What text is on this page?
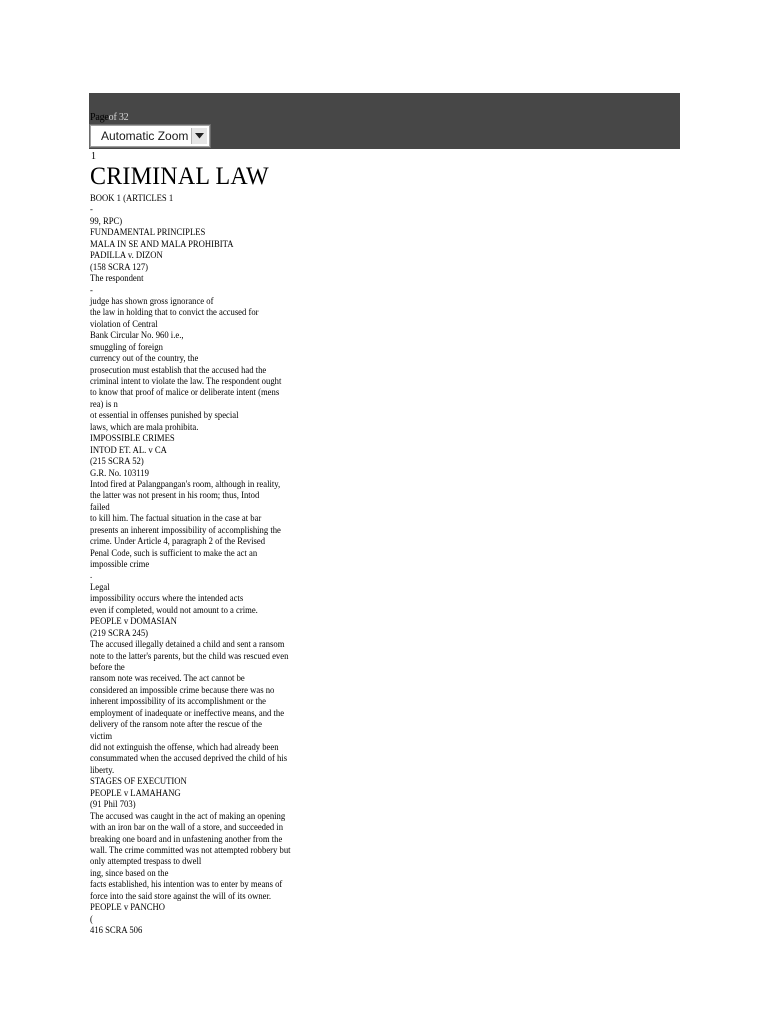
Pageof 32
Automatic Zoom
1
CRIMINAL LAW
BOOK 1 (ARTICLES 1
-
99, RPC)
FUNDAMENTAL PRINCIPLES
MALA IN SE AND MALA PROHIBITA
PADILLA v. DIZON
(158 SCRA 127)
The respondent
-
judge has shown gross ignorance of
the law in holding that to convict the accused for
violation of Central
Bank Circular No. 960 i.e.,
smuggling of foreign
currency out of the country, the
prosecution must establish that the accused had the
criminal intent to violate the law. The respondent ought
to know that proof of malice or deliberate intent (mens
rea) is n
ot essential in offenses punished by special
laws, which are mala prohibita.
IMPOSSIBLE CRIMES
INTOD ET. AL. v CA
(215 SCRA 52)
G.R. No. 103119
Intod fired at Palangpangan's room, although in reality,
the latter was not present in his room; thus, Intod
failed
to kill him. The factual situation in the case at bar
presents an inherent impossibility of accomplishing the
crime. Under Article 4, paragraph 2 of the Revised
Penal Code, such is sufficient to make the act an
impossible crime
.
Legal
impossibility occurs where the intended acts
even if completed, would not amount to a crime.
PEOPLE v DOMASIAN
(219 SCRA 245)
The accused illegally detained a child and sent a ransom
note to the latter's parents, but the child was rescued even
before the
ransom note was received. The act cannot be
considered an impossible crime because there was no
inherent impossibility of its accomplishment or the
employment of inadequate or ineffective means, and the
delivery of the ransom note after the rescue of the
victim
did not extinguish the offense, which had already been
consummated when the accused deprived the child of his
liberty.
STAGES OF EXECUTION
PEOPLE v LAMAHANG
(91 Phil 703)
The accused was caught in the act of making an opening
with an iron bar on the wall of a store, and succeeded in
breaking one board and in unfastening another from the
wall. The crime committed was not attempted robbery but
only attempted trespass to dwell
ing, since based on the
facts established, his intention was to enter by means of
force into the said store against the will of its owner.
PEOPLE v PANCHO
(
416 SCRA 506
